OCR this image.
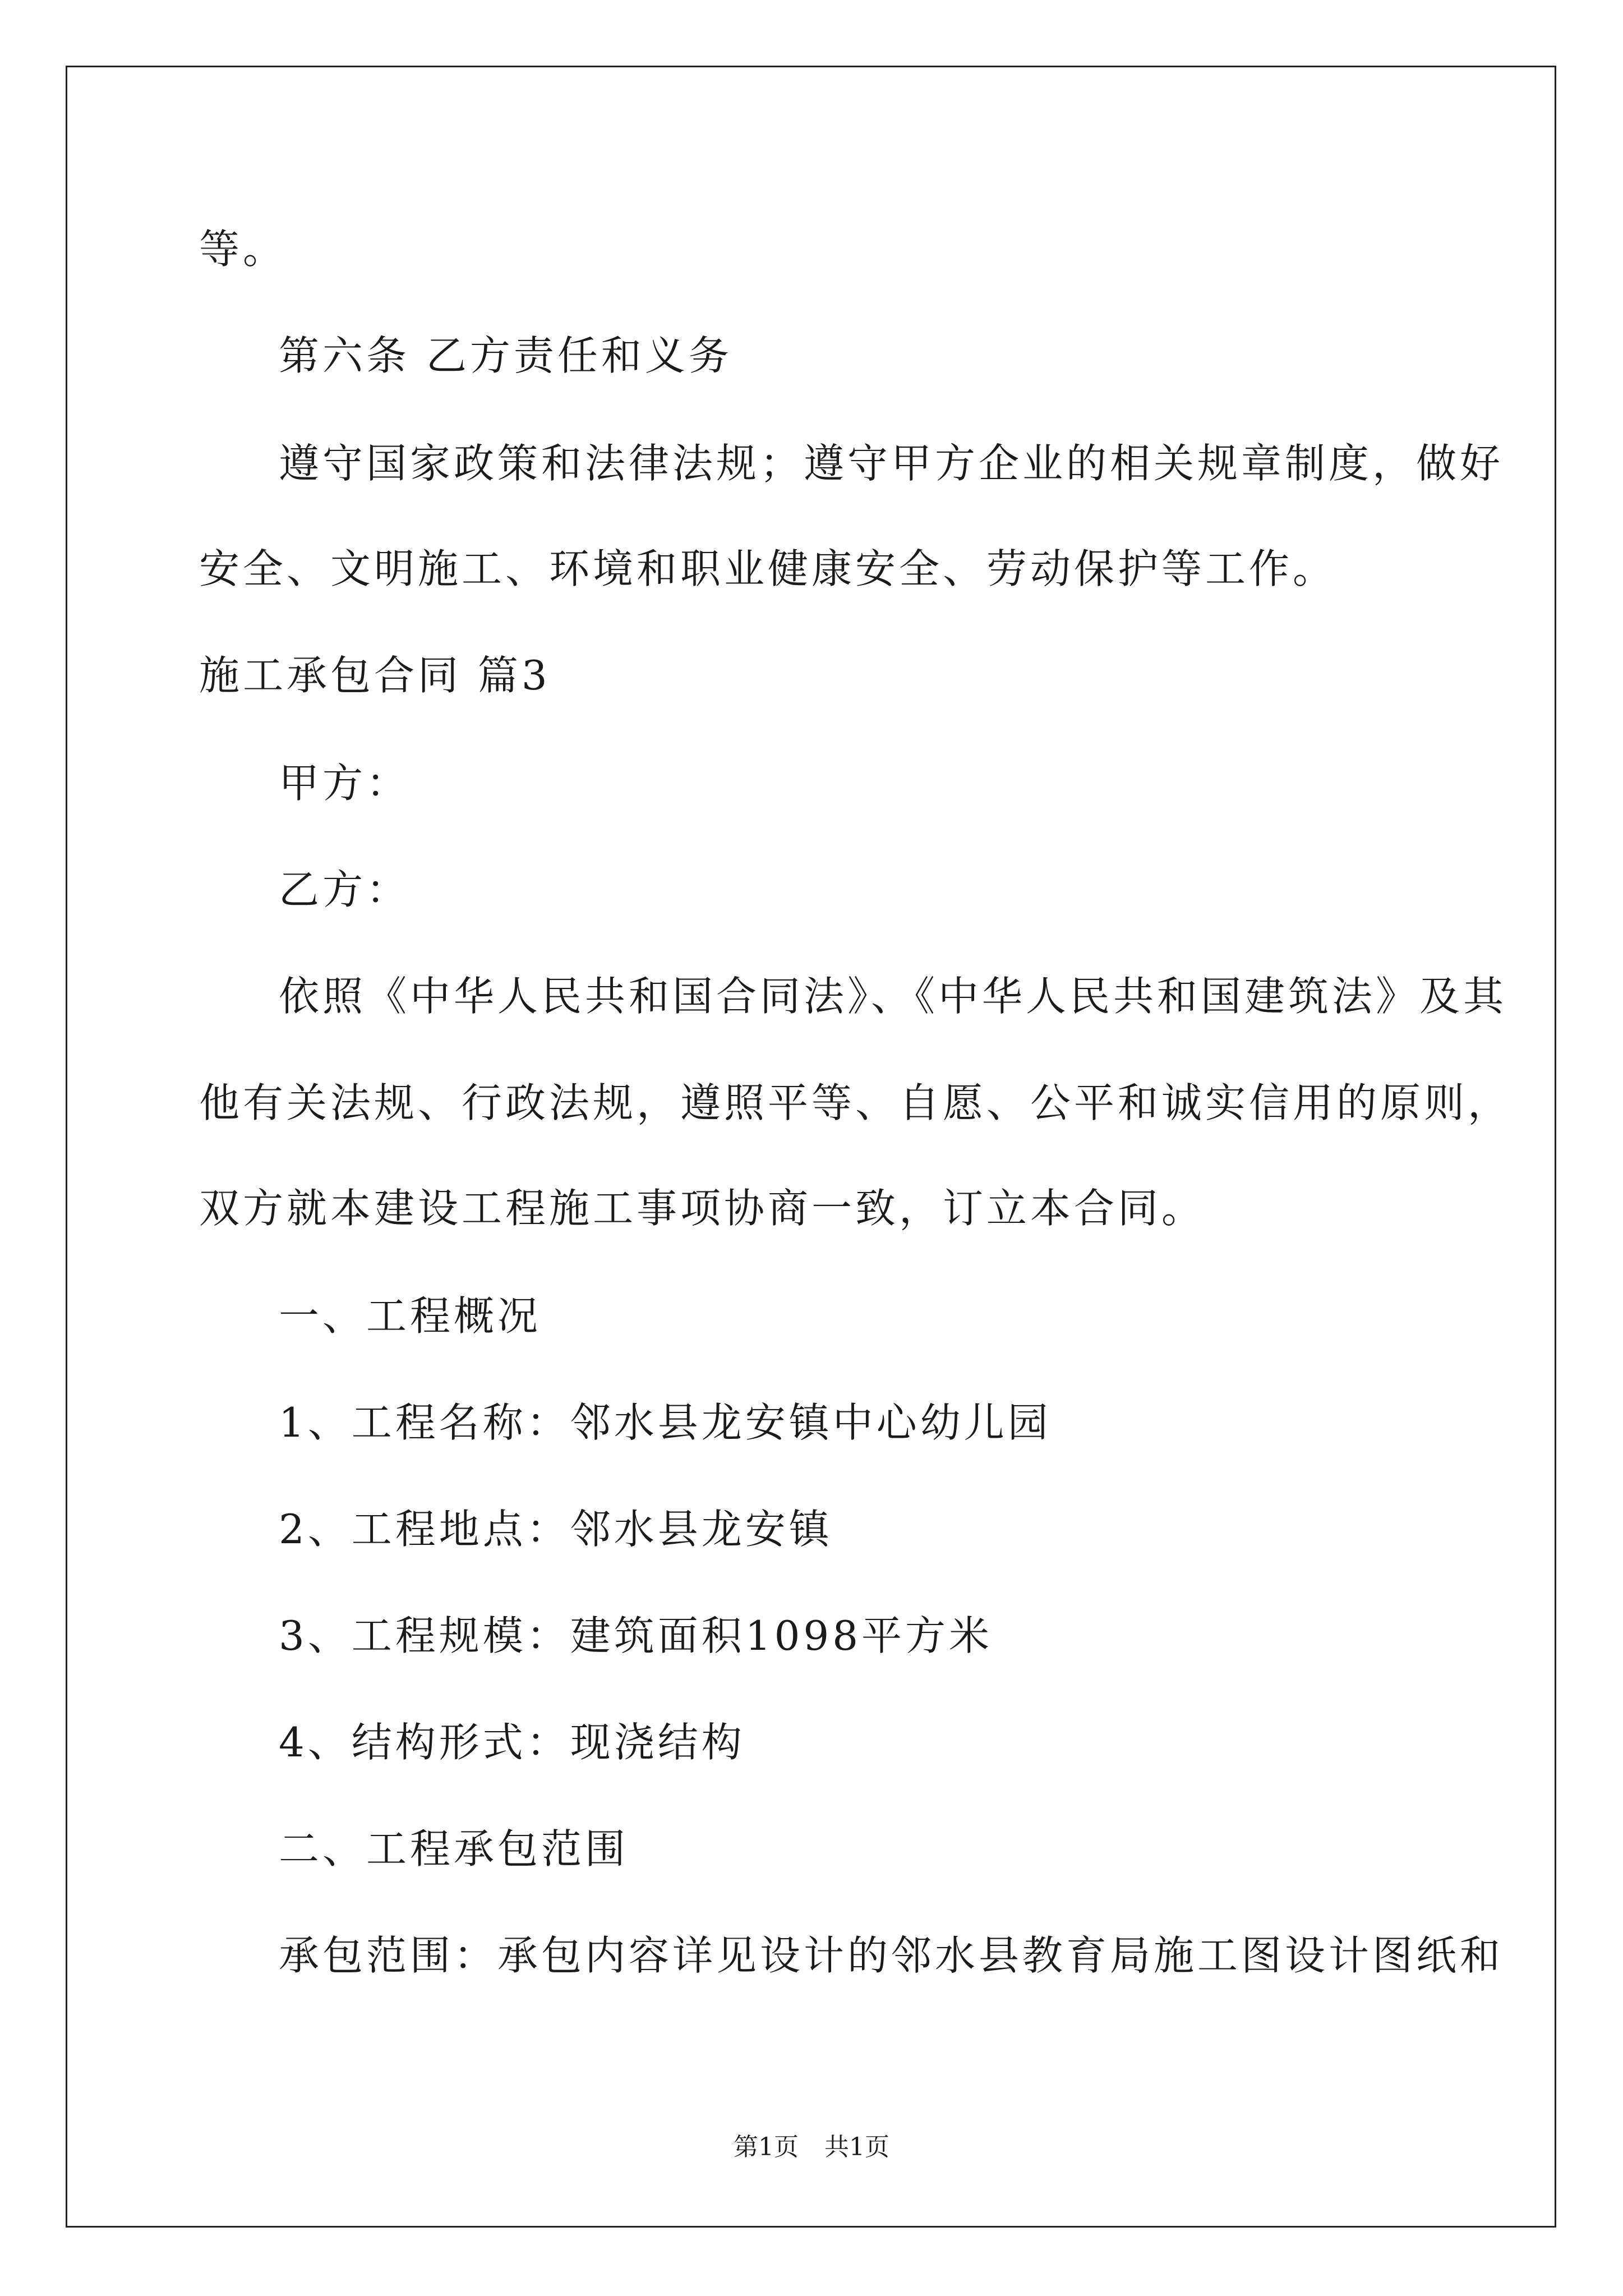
等。
第六条 乙方责任和义务
遵守国家政策和法律法规；遵守甲方企业的相关规章制度，做好
安全、文明施工、环境和职业健康安全、劳动保护等工作。
施工承包合同 篇3
甲方：
乙方：
依照《中华人民共和国合同法》、《中华人民共和国建筑法》及其
他有关法规、行政法规，遵照平等、自愿、公平和诚实信用的原则，
双方就本建设工程施工事项协商一致，订立本合同。
一、工程概况
1、工程名称：邻水县龙安镇中心幼儿园
2、工程地点：邻水县龙安镇
3、工程规模：建筑面积1098平方米
4、结构形式：现浇结构
二、工程承包范围
承包范围：承包内容详见设计的邻水县教育局施工图设计图纸和
第1页 共1页
